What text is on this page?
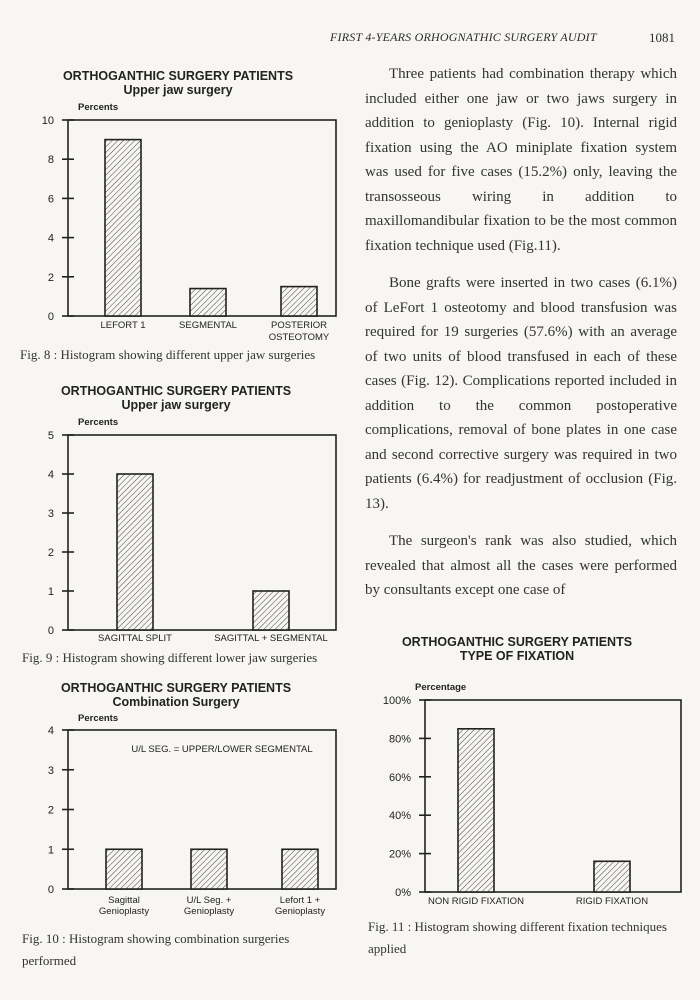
FIRST 4-YEARS ORHOGNATHIC SURGERY AUDIT	1081

Three patients had combination therapy which included either one jaw or two jaws surgery in addition to genioplasty (Fig. 10). Internal rigid fixation using the AO miniplate fixation system was used for five cases (15.2%) only, leaving the transosseous wiring in addition to maxillomandibular fixation to be the most common fixation technique used (Fig.11).

Bone grafts were inserted in two cases (6.1%) of LeFort 1 osteotomy and blood transfusion was required for 19 surgeries (57.6%) with an average of two units of blood transfused in each of these cases (Fig. 12). Complications reported included in addition to the common postoperative complications, removal of bone plates in one case and second corrective surgery was required in two patients (6.4%) for readjustment of occlusion (Fig. 13).

The surgeon's rank was also studied, which revealed that almost all the cases were performed by consultants except one case of

ORTHOGANTHIC SURGERY PATIENTS
Upper jaw surgery
Percents
0
2
4
6
8
10
LEFORT 1	SEGMENTAL	POSTERIOR
OSTEOTOMY
Fig. 8 : Histogram showing different upper jaw surgeries
ORTHOGANTHIC SURGERY PATIENTS
Upper jaw surgery
Percents
0
1
2
3
4
5
SAGITTAL SPLIT	SAGITTAL + SEGMENTAL
Fig. 9 : Histogram showing different lower jaw surgeries
ORTHOGANTHIC SURGERY PATIENTS
Combination Surgery
Percents
0
1
2
3
4
Sagittal
Genioplasty
U/L Seg. +
Genioplasty
Lefort 1 +
Genioplasty
U/L SEG. = UPPER/LOWER SEGMENTAL
Fig. 10 : Histogram showing combination surgeries performed
ORTHOGANTHIC SURGERY PATIENTS
TYPE OF FIXATION
Percentage
0%
20%
40%
60%
80%
100%
NON RIGID FIXATION	RIGID FIXATION
Fig. 11 : Histogram showing different fixation techniques applied
